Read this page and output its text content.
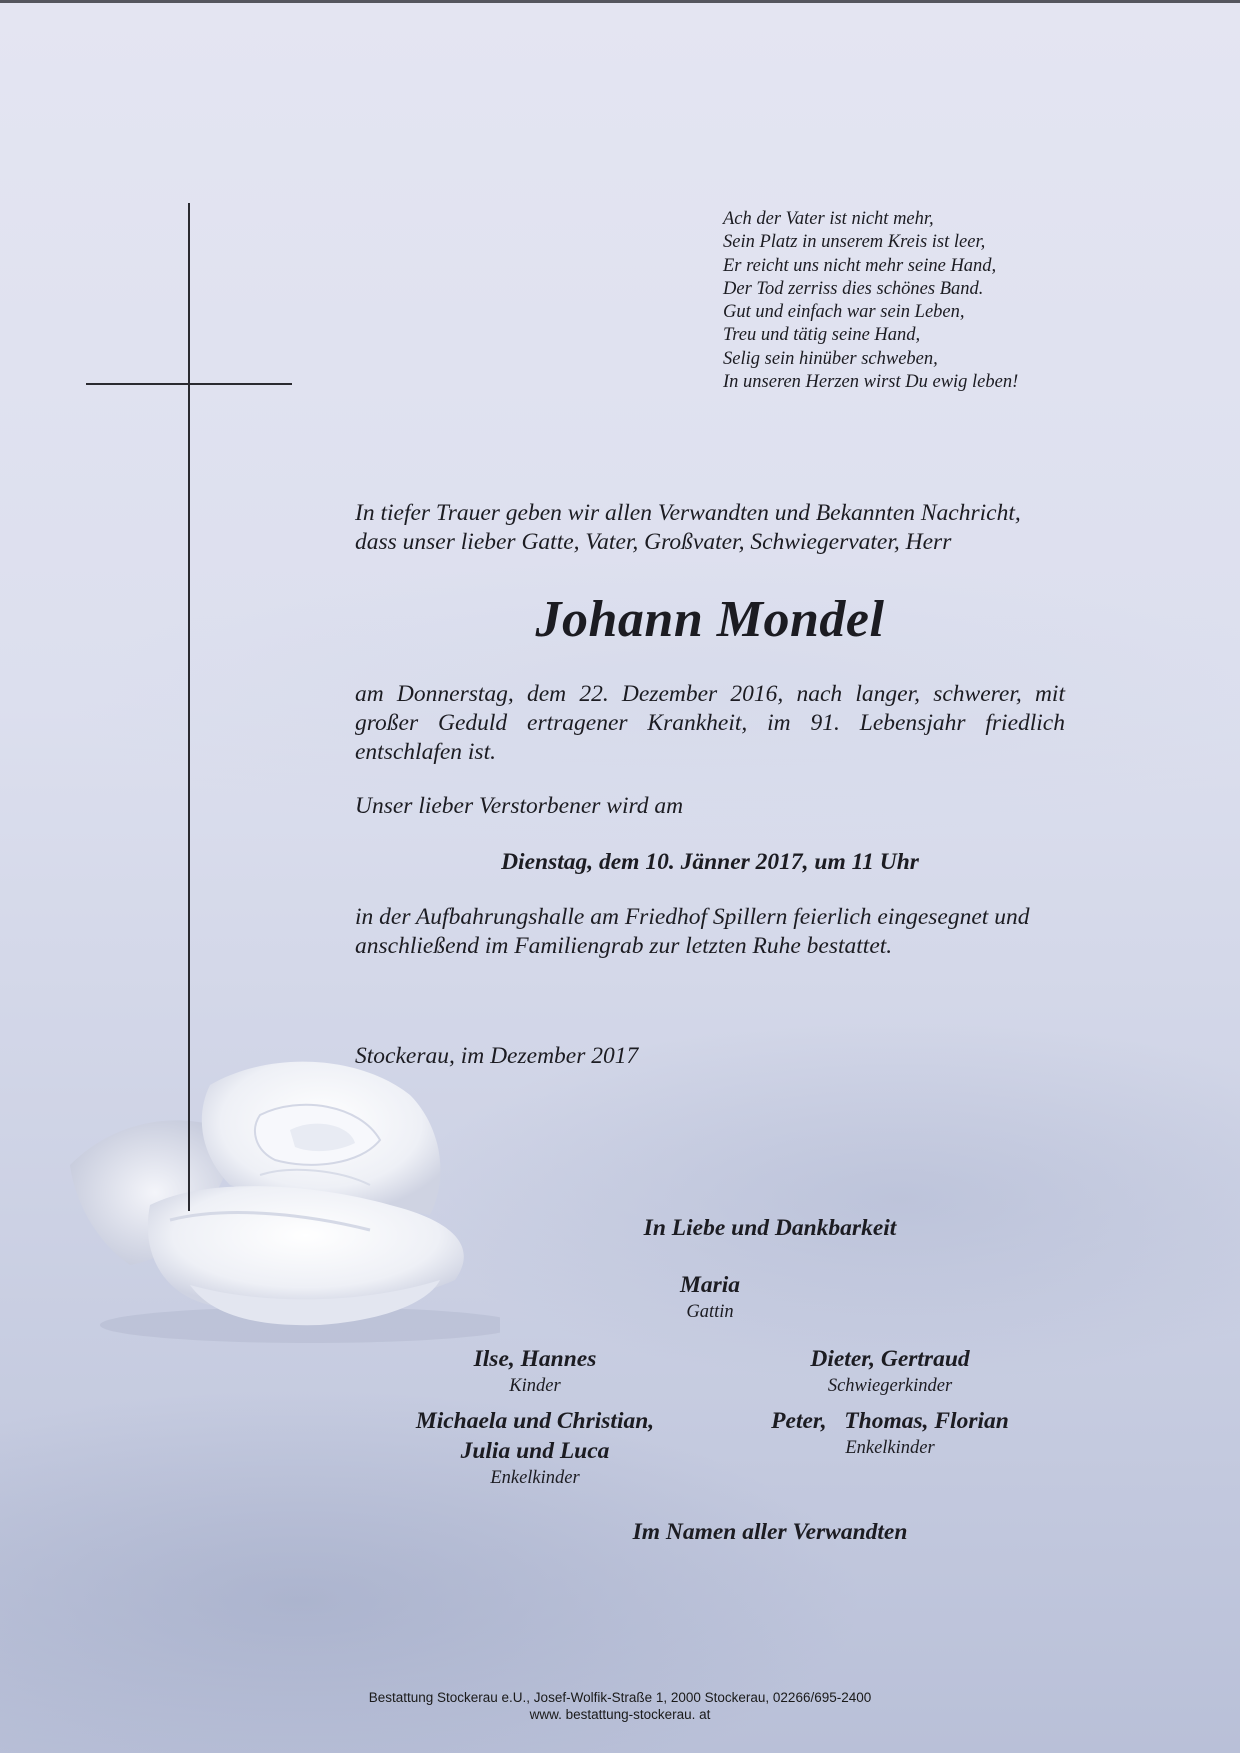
Ach der Vater ist nicht mehr,
Sein Platz in unserem Kreis ist leer,
Er reicht uns nicht mehr seine Hand,
Der Tod zerriss dies schönes Band.
Gut und einfach war sein Leben,
Treu und tätig seine Hand,
Selig sein hinüber schweben,
In unseren Herzen wirst Du ewig leben!
In tiefer Trauer geben wir allen Verwandten und Bekannten Nachricht,
dass unser lieber Gatte, Vater, Großvater, Schwiegervater, Herr
Johann Mondel
am Donnerstag, dem 22. Dezember 2016, nach langer, schwerer, mit
großer Geduld ertragener Krankheit, im 91. Lebensjahr friedlich
entschlafen ist.
Unser lieber Verstorbener wird am
Dienstag, dem 10. Jänner 2017, um 11 Uhr
in der Aufbahrungshalle am Friedhof Spillern feierlich eingesegnet und
anschließend im Familiengrab zur letzten Ruhe bestattet.
Stockerau, im Dezember 2017
In Liebe und Dankbarkeit
Maria
Gattin
Ilse, Hannes
Kinder
Dieter, Gertraud
Schwiegerkinder
Michaela und Christian,
Julia und Luca
Enkelkinder
Peter,   Thomas, Florian
Enkelkinder
Im Namen aller Verwandten
Bestattung Stockerau e.U., Josef-Wolfik-Straße 1, 2000 Stockerau, 02266/695-2400
www. bestattung-stockerau. at
